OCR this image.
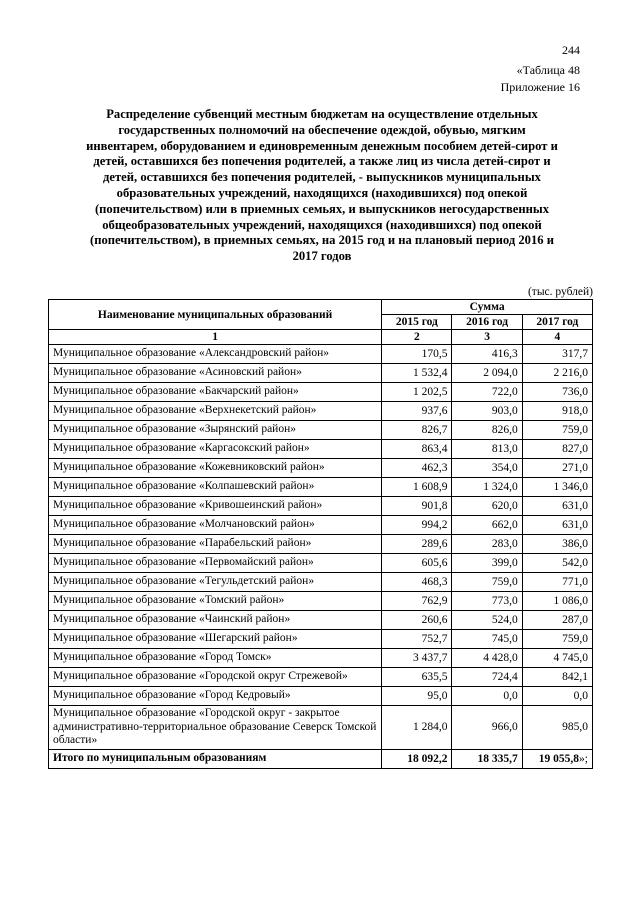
244
«Таблица 48
Приложение 16
Распределение субвенций местным бюджетам на осуществление отдельных государственных полномочий на обеспечение одеждой, обувью, мягким инвентарем, оборудованием и единовременным денежным пособием детей-сирот и детей, оставшихся без попечения родителей, а также лиц из числа детей-сирот и детей, оставшихся без попечения родителей, - выпускников муниципальных образовательных учреждений, находящихся (находившихся) под опекой (попечительством) или в приемных семьях, и выпускников негосударственных общеобразовательных учреждений, находящихся (находившихся) под опекой (попечительством), в приемных семьях, на 2015 год и на плановый период 2016 и 2017 годов
(тыс. рублей)
Наименование муниципальных образований	Сумма		
	2015 год	2016 год	2017 год
1	2	3	4
Муниципальное образование «Александровский район»	170,5	416,3	317,7
Муниципальное образование «Асиновский район»	1 532,4	2 094,0	2 216,0
Муниципальное образование «Бакчарский район»	1 202,5	722,0	736,0
Муниципальное образование «Верхнекетский район»	937,6	903,0	918,0
Муниципальное образование «Зырянский район»	826,7	826,0	759,0
Муниципальное образование «Каргасокский район»	863,4	813,0	827,0
Муниципальное образование «Кожевниковский район»	462,3	354,0	271,0
Муниципальное образование «Колпашевский район»	1 608,9	1 324,0	1 346,0
Муниципальное образование «Кривошеинский район»	901,8	620,0	631,0
Муниципальное образование «Молчановский район»	994,2	662,0	631,0
Муниципальное образование «Парабельский район»	289,6	283,0	386,0
Муниципальное образование «Первомайский район»	605,6	399,0	542,0
Муниципальное образование «Тегульдетский район»	468,3	759,0	771,0
Муниципальное образование «Томский район»	762,9	773,0	1 086,0
Муниципальное образование «Чаинский район»	260,6	524,0	287,0
Муниципальное образование «Шегарский район»	752,7	745,0	759,0
Муниципальное образование «Город Томск»	3 437,7	4 428,0	4 745,0
Муниципальное образование «Городской округ Стрежевой»	635,5	724,4	842,1
Муниципальное образование «Город Кедровый»	95,0	0,0	0,0
Муниципальное образование «Городской округ - закрытое административно-территориальное образование Северск Томской области»	1 284,0	966,0	985,0
Итого по муниципальным образованиям	18 092,2	18 335,7	19 055,8»;
